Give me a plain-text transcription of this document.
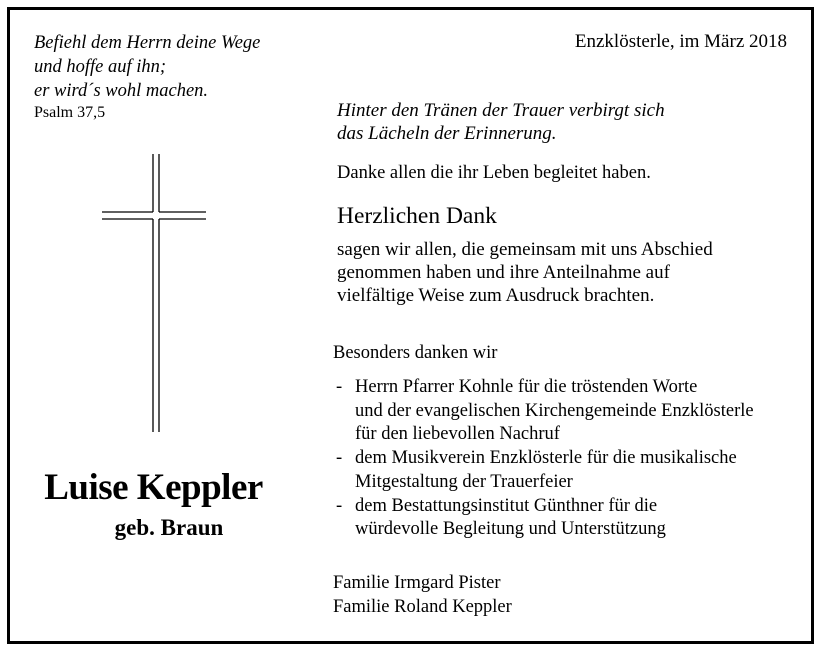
Befiehl dem Herrn deine Wege
und hoffe auf ihn;
er wird´s wohl machen.
Psalm 37,5
Enzklösterle, im März 2018
Hinter den Tränen der Trauer verbirgt sich
das Lächeln der Erinnerung.
Danke allen die ihr Leben begleitet haben.
Herzlichen Dank
sagen wir allen, die gemeinsam mit uns Abschied
genommen haben und ihre Anteilnahme auf
vielfältige Weise zum Ausdruck brachten.
Besonders danken wir
- Herrn Pfarrer Kohnle für die tröstenden Worte
und der evangelischen Kirchengemeinde Enzklösterle
für den liebevollen Nachruf
- dem Musikverein Enzklösterle für die musikalische
Mitgestaltung der Trauerfeier
- dem Bestattungsinstitut Günthner für die
würdevolle Begleitung und Unterstützung
Familie Irmgard Pister
Familie Roland Keppler
Luise Keppler
geb. Braun
